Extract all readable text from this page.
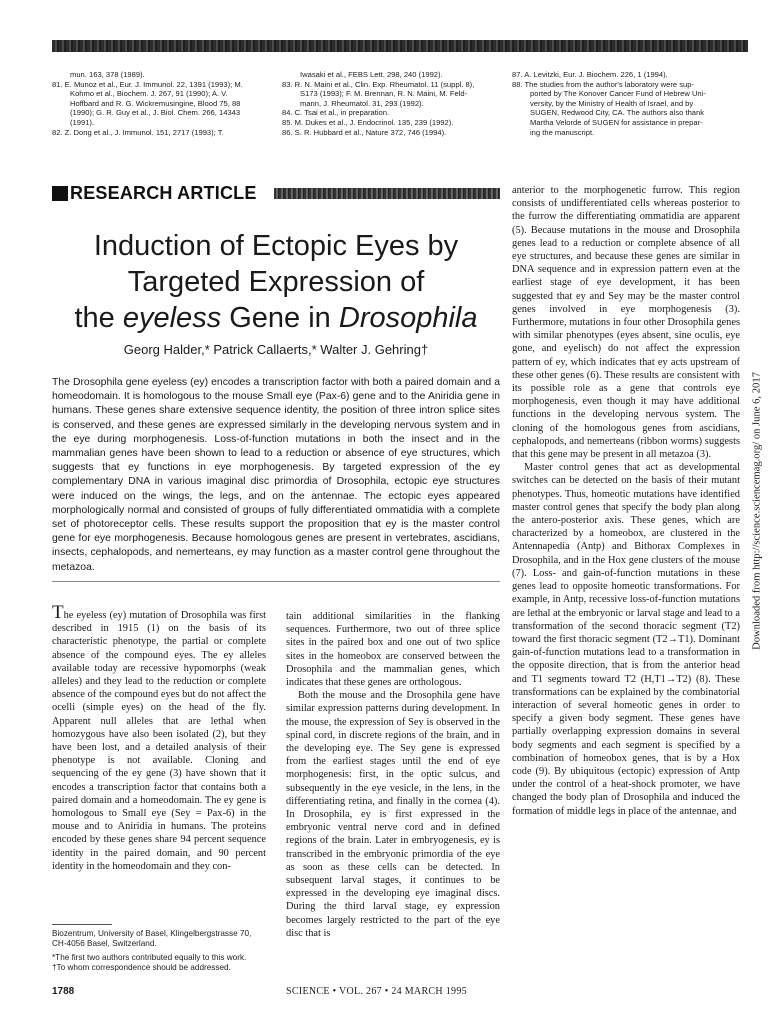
mun. 163, 378 (1989).
81. E. Munoz et al., Eur. J. Immunol. 22, 1391 (1993); M.
Kohmo et al., Biochem. J. 267, 91 (1990); A. V.
Hoffbard and R. G. Wickremusingine, Blood 75, 88
(1990); G. R. Guy et al., J. Biol. Chem. 266, 14343
(1991).
82. Z. Dong et al., J. Immunol. 151, 2717 (1993); T.
Iwasaki et al., FEBS Lett. 298, 240 (1992).
83. R. N. Maini et al., Clin. Exp. Rheumatol. 11 (suppl. 8),
S173 (1993); F. M. Brennan, R. N. Maini, M. Feld-
mann, J. Rheumatol. 31, 293 (1992).
84. C. Tsai et al., in preparation.
85. M. Dukes et al., J. Endocrinol. 135, 239 (1992).
86. S. R. Hubbard et al., Nature 372, 746 (1994).
87. A. Levitzki, Eur. J. Biochem. 226, 1 (1994).
88. The studies from the author's laboratory were sup-
ported by The Konover Cancer Fund of Hebrew Uni-
versity, by the Ministry of Health of Israel, and by
SUGEN, Redwood City, CA. The authors also thank
Martha Velorde of SUGEN for assistance in prepar-
ing the manuscript.
RESEARCH ARTICLE
Induction of Ectopic Eyes by
Targeted Expression of
the eyeless Gene in Drosophila
Georg Halder,* Patrick Callaerts,* Walter J. Gehring†
The Drosophila gene eyeless (ey) encodes a transcription factor with both a paired domain and a homeodomain. It is homologous to the mouse Small eye (Pax-6) gene and to the Aniridia gene in humans. These genes share extensive sequence identity, the position of three intron splice sites is conserved, and these genes are expressed similarly in the developing nervous system and in the eye during morphogenesis. Loss-of-function mutations in both the insect and in the mammalian genes have been shown to lead to a reduction or absence of eye structures, which suggests that ey functions in eye morphogenesis. By targeted expression of the ey complementary DNA in various imaginal disc primordia of Drosophila, ectopic eye structures were induced on the wings, the legs, and on the antennae. The ectopic eyes appeared morphologically normal and consisted of groups of fully differentiated ommatidia with a complete set of photoreceptor cells. These results support the proposition that ey is the master control gene for eye morphogenesis. Because homologous genes are present in vertebrates, ascidians, insects, cephalopods, and nemerteans, ey may function as a master control gene throughout the metazoa.

The eyeless (ey) mutation of Drosophila was first described in 1915 (1) on the basis of its characteristic phenotype, the partial or complete absence of the compound eyes. The ey alleles available today are recessive hypomorphs (weak alleles) and they lead to the reduction or complete absence of the compound eyes but do not affect the ocelli (simple eyes) on the head of the fly. Apparent null alleles that are lethal when homozygous have also been isolated (2), but they have been lost, and a detailed analysis of their phenotype is not available. Cloning and sequencing of the ey gene (3) have shown that it encodes a transcription factor that contains both a paired domain and a homeodomain. The ey gene is homologous to Small eye (Sey = Pax-6) in the mouse and to Aniridia in humans. The proteins encoded by these genes share 94 percent sequence identity in the paired domain, and 90 percent identity in the homeodomain and they con-

tain additional similarities in the flanking sequences. Furthermore, two out of three splice sites in the paired box and one out of two splice sites in the homeobox are conserved between the Drosophila and the mammalian genes, which indicates that these genes are orthologous.

Both the mouse and the Drosophila gene have similar expression patterns during development. In the mouse, the expression of Sey is observed in the spinal cord, in discrete regions of the brain, and in the developing eye. The Sey gene is expressed from the earliest stages until the end of eye morphogenesis: first, in the optic sulcus, and subsequently in the eye vesicle, in the lens, in the differentiating retina, and finally in the cornea (4). In Drosophila, ey is first expressed in the embryonic ventral nerve cord and in defined regions of the brain. Later in embryogenesis, ey is transcribed in the embryonic primordia of the eye as soon as these cells can be detected. In subsequent larval stages, it continues to be expressed in the developing eye imaginal discs. During the third larval stage, ey expression becomes largely restricted to the part of the eye disc that is

anterior to the morphogenetic furrow. This region consists of undifferentiated cells whereas posterior to the furrow the differentiating ommatidia are apparent (5). Because mutations in the mouse and Drosophila genes lead to a reduction or complete absence of all eye structures, and because these genes are similar in DNA sequence and in expression pattern even at the earliest stage of eye development, it has been suggested that ey and Sey may be the master control genes involved in eye morphogenesis (3). Furthermore, mutations in four other Drosophila genes with similar phenotypes (eyes absent, sine oculis, eye gone, and eyelisch) do not affect the expression pattern of ey, which indicates that ey acts upstream of these other genes (6). These results are consistent with its possible role as a gene that controls eye morphogenesis, even though it may have additional functions in the developing nervous system. The cloning of the homologous genes from ascidians, cephalopods, and nemerteans (ribbon worms) suggests that this gene may be present in all metazoa (3).

Master control genes that act as developmental switches can be detected on the basis of their mutant phenotypes. Thus, homeotic mutations have identified master control genes that specify the body plan along the antero-posterior axis. These genes, which are characterized by a homeobox, are clustered in the Antennapedia (Antp) and Bithorax Complexes in Drosophila, and in the Hox gene clusters of the mouse (7). Loss- and gain-of-function mutations in these genes lead to opposite homeotic transformations. For example, in Antp, recessive loss-of-function mutations are lethal at the embryonic or larval stage and lead to a transformation of the second thoracic segment (T2) toward the first thoracic segment (T2→T1). Dominant gain-of-function mutations lead to a transformation in the opposite direction, that is from the anterior head and T1 segments toward T2 (H,T1→T2) (8). These transformations can be explained by the combinatorial interaction of several homeotic genes in order to specify a given body segment. These genes have partially overlapping expression domains in several body segments and each segment is specified by a combination of homeobox genes, that is by a Hox code (9). By ubiquitous (ectopic) expression of Antp under the control of a heat-shock promoter, we have changed the body plan of Drosophila and induced the formation of middle legs in place of the antennae, and

Biozentrum, University of Basel, Klingelbergstrasse 70, CH-4056 Basel, Switzerland.
*The first two authors contributed equally to this work.
†To whom correspondence should be addressed.
1788	SCIENCE • VOL. 267 • 24 MARCH 1995
Downloaded from http://science.sciencemag.org/ on June 6, 2017
